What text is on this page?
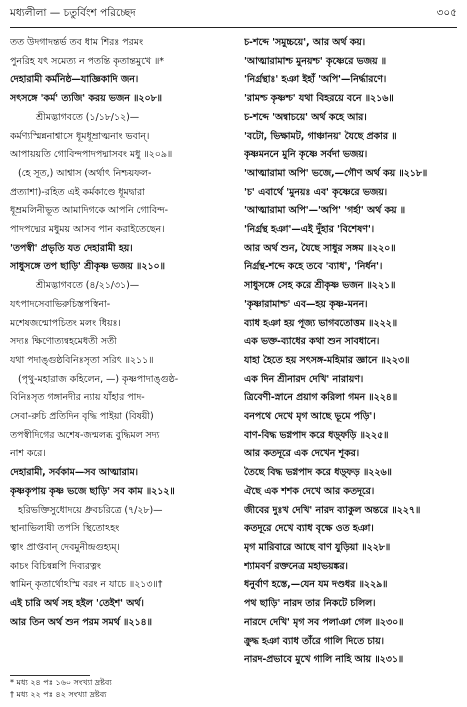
মধ্যলীলা — চতুর্বিংশ পরিচ্ছেদ	৩০৫
তত উদগাদন্তর্ভ তব ধাম শিরঃ পরমং
পুনরিহ যৎ সমেত্য ন পতন্তি কৃতান্তমুখে ॥*
দেহারামী কর্মনিষ্ঠ—যাজ্ঞিকাদি জন।
সৎসঙ্গে 'কর্ম' ত্যজি' করয় ভজন ॥২০৮॥
শ্রীমদ্ভাগবতে (১/১৮/১২)—
কর্মণ্যস্মিন্ননাশ্বাসে ধূমধূম্রাত্মনাং ভবান্।
আপায়য়তি গোবিন্দপাদপদ্মাসবং মধু ॥২০৯॥
(হে সূত,) আশ্বাস (অর্থাৎ নিশ্চয়ফল-
প্রত্যাশা)-রহিত এই কর্মকাণ্ডে ধূমদ্বারা
ধূম্রমলিনীভূত আমাদিগকে আপনি গোবিন্দ-
পাদপদ্মের মধুময় আসব পান করাইতেছেন।
'তপস্বী' প্রভৃতি যত দেহারামী হয়।
সাধুসঙ্গে তপ ছাড়ি' শ্রীকৃষ্ণ ভজয় ॥২১০॥
শ্রীমদ্ভাগবতে (৪/২১/৩১)—
যৎপাদসেবাভিরুচিস্তপস্বিনা-
মশেষজন্মোপচিতং মলং ধিয়ঃ।
সদ্যঃ ক্ষিণোত্যন্বহমেধতী সতী
যথা পদাঙ্গুষ্ঠবিনিঃসৃতা সরিৎ ॥২১১॥
(পৃথু-মহারাজ কহিলেন, —) কৃষ্ণপাদাঙ্গুষ্ঠ-
বিনিঃসৃত গঙ্গানদীর ন্যায় যাঁহার পাদ-
সেবা-রুচি প্রতিদিন বৃদ্ধি পাইয়া (বিষয়ী)
তপস্বীদিগের অশেষ-জন্মলব্ধ বুদ্ধিমল সদ্য
নাশ করে।
দেহারামী, সর্বকাম—সব আত্মারাম।
কৃষ্ণকৃপায় কৃষ্ণ ভজে ছাড়ি' সব কাম ॥২১২॥
হরিভক্তিসুধোদয়ে ধ্রুবচরিত্রে (৭/২৮)—
স্থানাভিলাষী তপসি স্থিতোঽহং
ত্বাং প্রাপ্তবান্ দেবমুনীন্দ্রগুহ্যম্।
কাচং বিচিন্বন্নপি দিব্যরত্নং
স্বামিন্ কৃতার্থোঽস্মি বরং ন যাচে ॥২১৩॥†
এই চারি অর্থ সহ হইল 'তেইশ' অর্থ।
আর তিন অর্থ শুন পরম সমর্থ ॥২১৪॥
চ-শব্দে 'সমুচ্চয়ে', আর অর্থ কয়।
'আত্মারামাশ্চ মুনয়শ্চ' কৃষ্ণেরে ভজয় ॥
'নির্গ্রন্থাঃ' হঞা ইহাঁ 'অপি'—নির্দ্ধারণে।
'রামশ্চ কৃষ্ণশ্চ' যথা বিহরয়ে বনে ॥২১৬॥
চ-শব্দে 'অন্বাচয়ে' অর্থ কহে আর।
'বটো, ভিক্ষামট, গাঞ্চানয়' যৈছে প্রকার ॥
কৃষ্ণমননে মুনি কৃষ্ণে সর্বদা ভজয়।
'আত্মারামা অপি' ভজে,—গৌণ অর্থ কয় ॥২১৮॥
'চ' এবার্থে 'মুনয়ঃ এব' কৃষ্ণেরে ভজয়।
'আত্মারামা অপি'—'অপি' 'গর্হা' অর্থ কয় ॥
'নির্গ্রন্থ হঞা'—এই দুঁহার 'বিশেষণ'।
আর অর্থ শুন, যৈছে সাধুর সঙ্গম ॥২২০॥
নির্গ্রন্থ-শব্দে কহে তবে 'ব্যাধ', 'নির্ধন'।
সাধুসঙ্গে সেহ করে শ্রীকৃষ্ণ ভজন ॥২২১॥
'কৃষ্ণারামাশ্চ' এব—হয় কৃষ্ণ-মনন।
ব্যাধ হঞা হয় পূজ্য ভাগবতোত্তম ॥২২২॥
এক ভক্ত-ব্যাধের কথা শুন সাবধানে।
যাহা হৈতে হয় সৎসঙ্গ-মহিমার জ্ঞানে ॥২২৩॥
এক দিন শ্রীনারদ দেখি' নারায়ণ।
ত্রিবেণী-স্নানে প্রয়াগ করিলা গমন ॥২২৪॥
বনপথে দেখে মৃগ আছে ভূমে পড়ি'।
বাণ-বিদ্ধ ভগ্নপাদ করে ধড়্ফড়ি ॥২২৫॥
আর কতদূরে এক দেখেন শূকর।
তৈছে বিদ্ধ ভগ্নপাদ করে ধড়্ফড় ॥২২৬॥
ঐছে এক শশক দেখে আর কতদূরে।
জীবের দুঃখ দেখি' নারদ ব্যাকুল অন্তরে ॥২২৭॥
কতদূরে দেখে ব্যাধ বৃক্ষে ওত হঞা।
মৃগ মারিবারে আছে বাণ যুড়িয়া ॥২২৮॥
শ্যামবর্ণ রক্তনেত্র মহাভয়ঙ্কর।
ধনুর্বাণ হস্তে,—যেন যম দণ্ডধর ॥২২৯॥
পথ ছাড়ি' নারদ তার নিকটে চলিল।
নারদে দেখি' মৃগ সব পলাঞা গেল ॥২৩০॥
ক্রুদ্ধ হঞা ব্যাধ তাঁরে গালি দিতে চায়।
নারদ-প্রভাবে মুখে গালি নাহি আয় ॥২৩১॥
* মধ্য ২৪ পঃ ১৬০ সংখ্যা দ্রষ্টব্য
† মধ্য ২২ পঃ ৪২ সংখ্যা দ্রষ্টব্য
